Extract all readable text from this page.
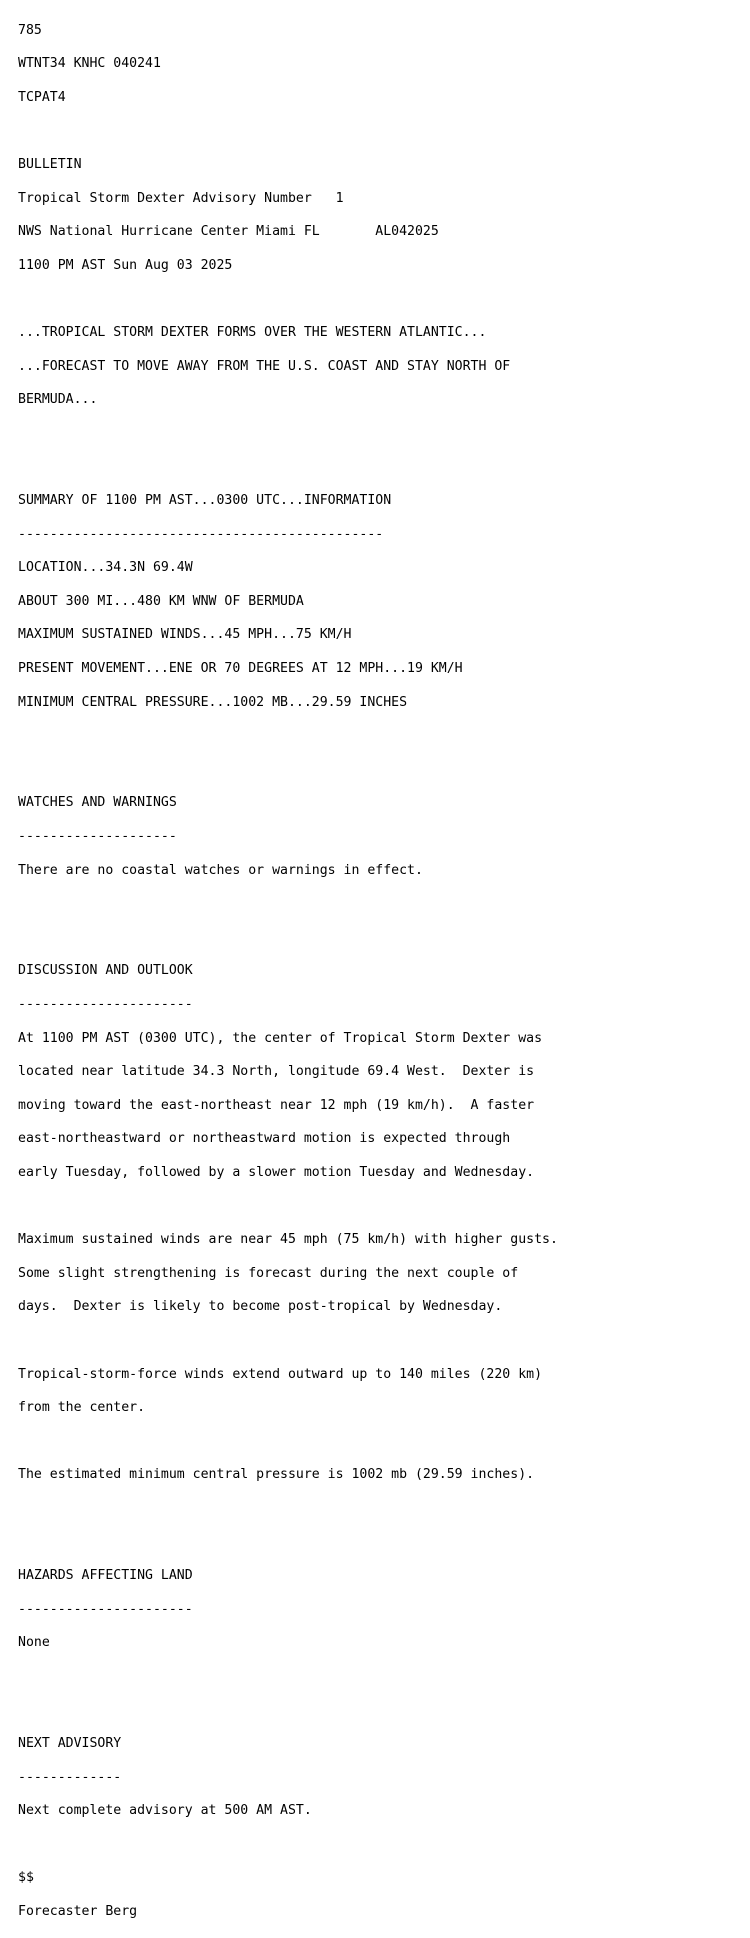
785

WTNT34 KNHC 040241

TCPAT4

BULLETIN

Tropical Storm Dexter Advisory Number   1

NWS National Hurricane Center Miami FL       AL042025

1100 PM AST Sun Aug 03 2025

...TROPICAL STORM DEXTER FORMS OVER THE WESTERN ATLANTIC...

...FORECAST TO MOVE AWAY FROM THE U.S. COAST AND STAY NORTH OF

BERMUDA...

SUMMARY OF 1100 PM AST...0300 UTC...INFORMATION

----------------------------------------------

LOCATION...34.3N 69.4W

ABOUT 300 MI...480 KM WNW OF BERMUDA

MAXIMUM SUSTAINED WINDS...45 MPH...75 KM/H

PRESENT MOVEMENT...ENE OR 70 DEGREES AT 12 MPH...19 KM/H

MINIMUM CENTRAL PRESSURE...1002 MB...29.59 INCHES

WATCHES AND WARNINGS

--------------------

There are no coastal watches or warnings in effect.

DISCUSSION AND OUTLOOK

----------------------

At 1100 PM AST (0300 UTC), the center of Tropical Storm Dexter was

located near latitude 34.3 North, longitude 69.4 West.  Dexter is

moving toward the east-northeast near 12 mph (19 km/h).  A faster

east-northeastward or northeastward motion is expected through

early Tuesday, followed by a slower motion Tuesday and Wednesday.

Maximum sustained winds are near 45 mph (75 km/h) with higher gusts.

Some slight strengthening is forecast during the next couple of

days.  Dexter is likely to become post-tropical by Wednesday.

Tropical-storm-force winds extend outward up to 140 miles (220 km)

from the center.

The estimated minimum central pressure is 1002 mb (29.59 inches).

HAZARDS AFFECTING LAND

----------------------

None

NEXT ADVISORY

-------------

Next complete advisory at 500 AM AST.

$$

Forecaster Berg
